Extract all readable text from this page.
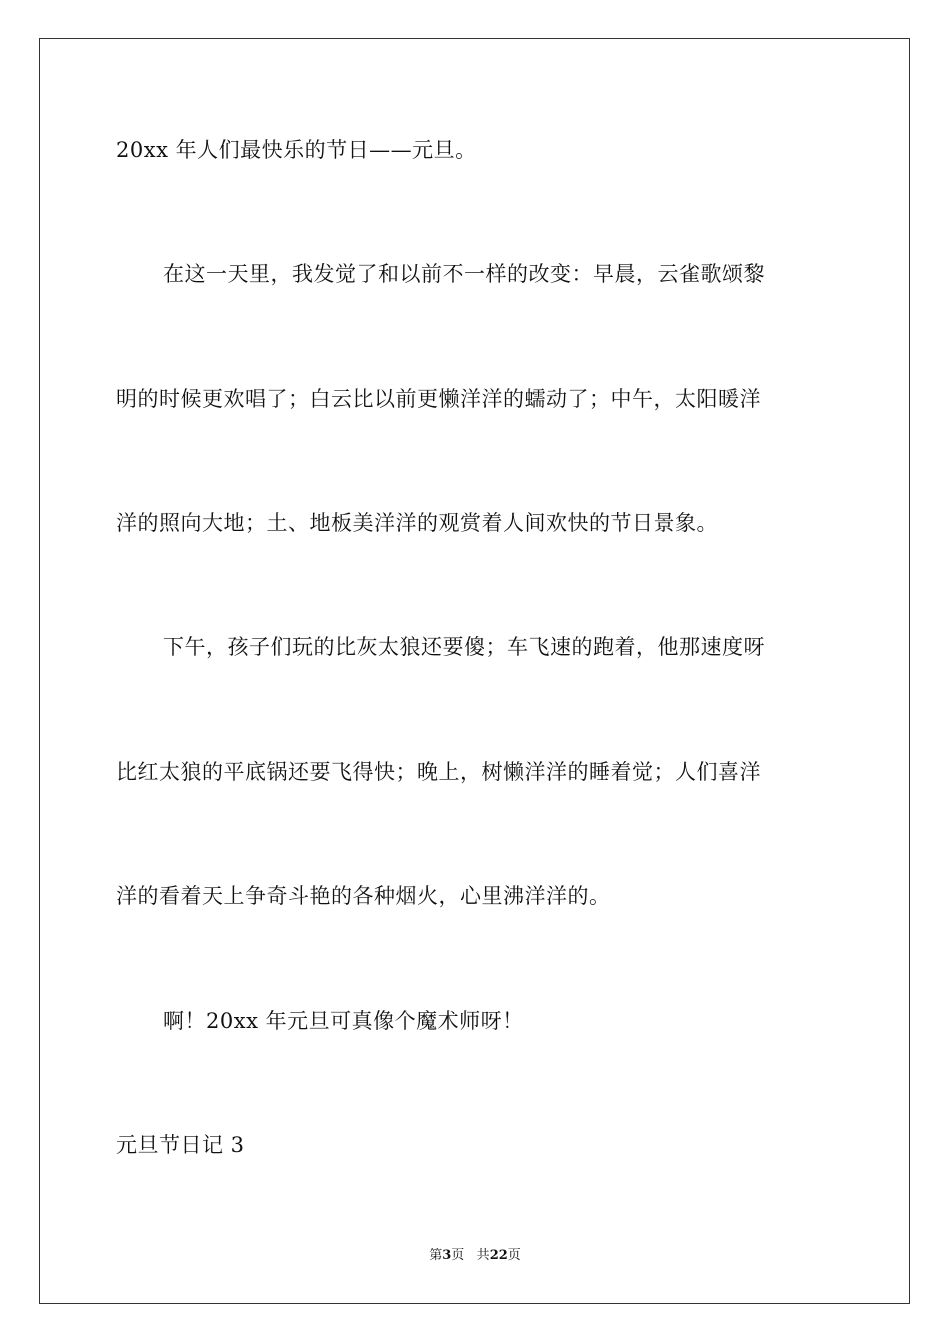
20xx 年人们最快乐的节日——元旦。
在这一天里，我发觉了和以前不一样的改变：早晨，云雀歌颂黎
明的时候更欢唱了；白云比以前更懒洋洋的蠕动了；中午，太阳暖洋
洋的照向大地；土、地板美洋洋的观赏着人间欢快的节日景象。
下午，孩子们玩的比灰太狼还要傻；车飞速的跑着，他那速度呀
比红太狼的平底锅还要飞得快；晚上，树懒洋洋的睡着觉；人们喜洋
洋的看着天上争奇斗艳的各种烟火，心里沸洋洋的。
啊！20xx 年元旦可真像个魔术师呀！
元旦节日记 3
第3页 共22页
